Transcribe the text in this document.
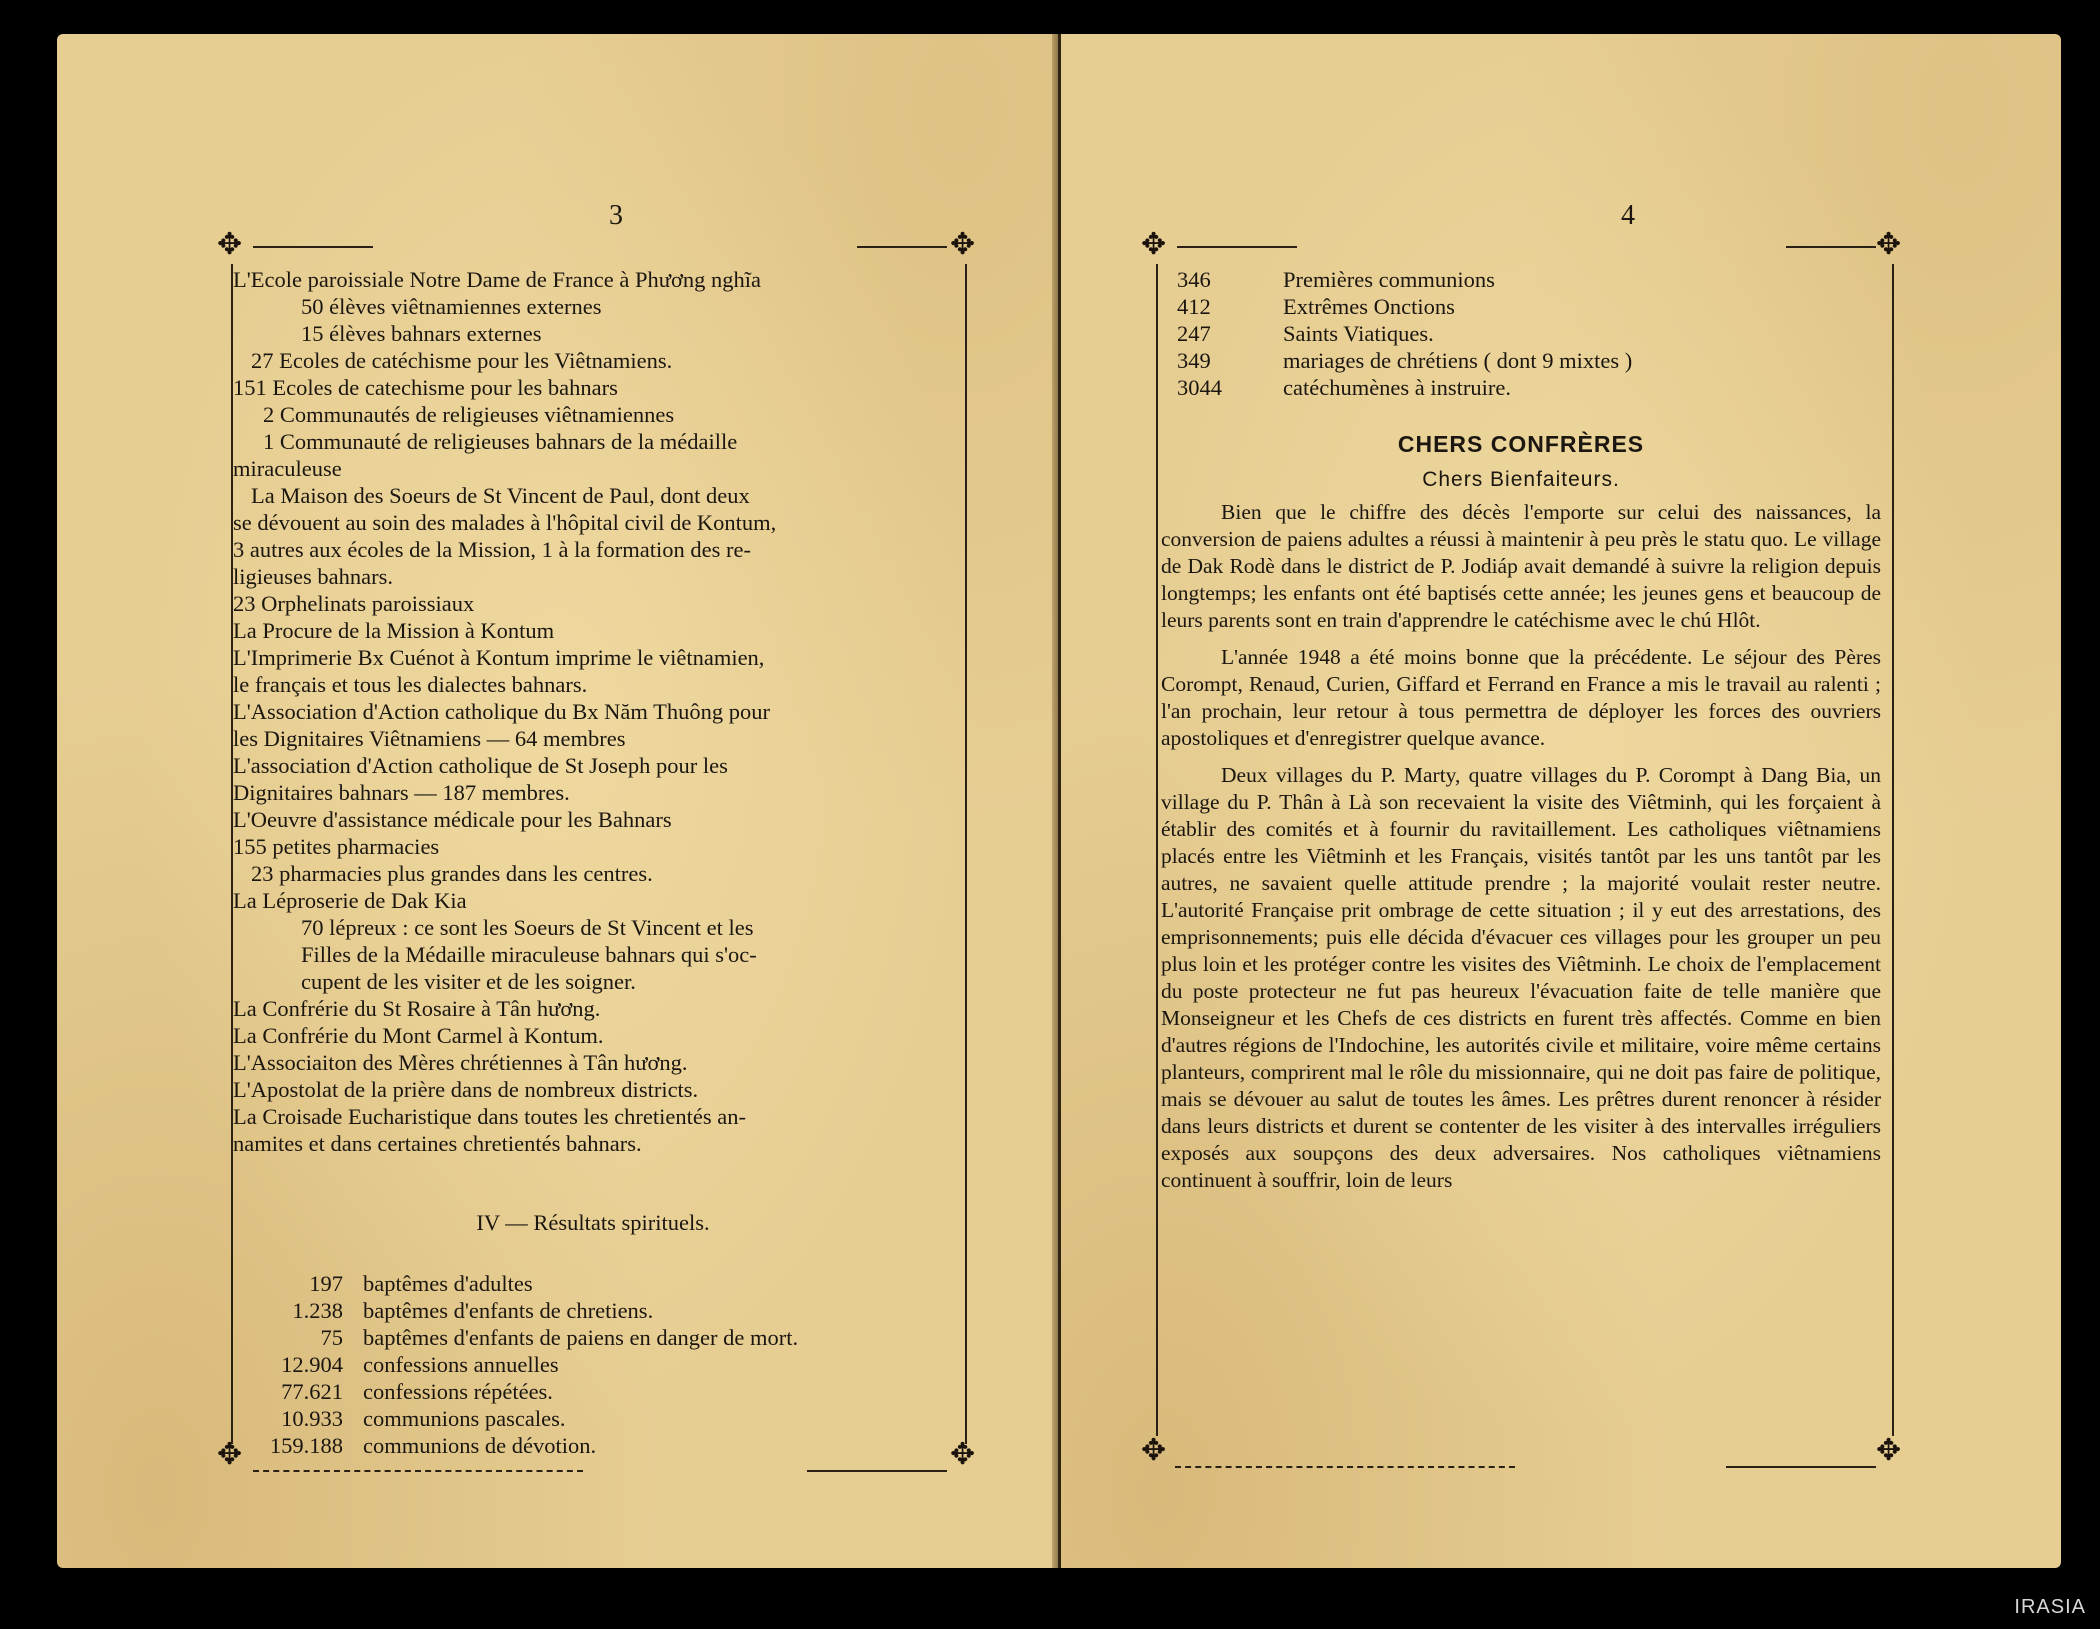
3
✥	✥
✥	✥
L'Ecole paroissiale Notre Dame de France à Phương nghĩa
50 élèves viêtnamiennes externes
15 élèves bahnars externes
27 Ecoles de catéchisme pour les Viêtnamiens.
151 Ecoles de catechisme pour les bahnars
2 Communautés de religieuses viêtnamiennes
1 Communauté de religieuses bahnars de la médaille
miraculeuse
La Maison des Soeurs de St Vincent de Paul, dont deux
se dévouent au soin des malades à l'hôpital civil de Kontum,
3 autres aux écoles de la Mission, 1 à la formation des re-
ligieuses bahnars.
23 Orphelinats paroissiaux
La Procure de la Mission à Kontum
L'Imprimerie Bx Cuénot à Kontum imprime le viêtnamien,
le français et tous les dialectes bahnars.
L'Association d'Action catholique du Bx Năm Thuông pour
les Dignitaires Viêtnamiens — 64 membres
L'association d'Action catholique de St Joseph pour les
Dignitaires bahnars — 187 membres.
L'Oeuvre d'assistance médicale pour les Bahnars
155 petites pharmacies
23 pharmacies plus grandes dans les centres.
La Léproserie de Dak Kia
70 lépreux : ce sont les Soeurs de St Vincent et les
Filles de la Médaille miraculeuse bahnars qui s'oc-
cupent de les visiter et de les soigner.
La Confrérie du St Rosaire à Tân hương.
La Confrérie du Mont Carmel à Kontum.
L'Associaiton des Mères chrétiennes à Tân hương.
L'Apostolat de la prière dans de nombreux districts.
La Croisade Eucharistique dans toutes les chretientés an-
namites et dans certaines chretientés bahnars.
IV — Résultats spirituels.
197 baptêmes d'adultes
1.238 baptêmes d'enfants de chretiens.
75 baptêmes d'enfants de paiens en danger de mort.
12.904 confessions annuelles
77.621 confessions répétées.
10.933 communions pascales.
159.188 communions de dévotion.
4
✥	✥
✥	✥
346	Premières communions
412	Extrêmes Onctions
247	Saints Viatiques.
349	mariages de chrétiens ( dont 9 mixtes )
3044	catéchumènes à instruire.
CHERS CONFRÈRES
Chers Bienfaiteurs.

Bien que le chiffre des décès l'emporte sur celui des naissances, la conversion de paiens adultes a réussi à maintenir à peu près le statu quo. Le village de Dak Rodè dans le district de P. Jodiáp avait demandé à suivre la religion depuis longtemps; les enfants ont été baptisés cette année; les jeunes gens et beaucoup de leurs parents sont en train d'apprendre le catéchisme avec le chú Hlôt.

L'année 1948 a été moins bonne que la précédente. Le séjour des Pères Corompt, Renaud, Curien, Giffard et Ferrand en France a mis le travail au ralenti ; l'an prochain, leur retour à tous permettra de déployer les forces des ouvriers apostoliques et d'enregistrer quelque avance.

Deux villages du P. Marty, quatre villages du P. Corompt à Dang Bia, un village du P. Thân à Là son recevaient la visite des Viêtminh, qui les forçaient à établir des comités et à fournir du ravitaillement. Les catholiques viêtnamiens placés entre les Viêtminh et les Français, visités tantôt par les uns tantôt par les autres, ne savaient quelle attitude prendre ; la majorité voulait rester neutre. L'autorité Française prit ombrage de cette situation ; il y eut des arrestations, des emprisonnements; puis elle décida d'évacuer ces villages pour les grouper un peu plus loin et les protéger contre les visites des Viêtminh. Le choix de l'emplacement du poste protecteur ne fut pas heureux l'évacuation faite de telle manière que Monseigneur et les Chefs de ces districts en furent très affectés. Comme en bien d'autres régions de l'Indochine, les autorités civile et militaire, voire même certains planteurs, comprirent mal le rôle du missionnaire, qui ne doit pas faire de politique, mais se dévouer au salut de toutes les âmes. Les prêtres durent renoncer à résider dans leurs districts et durent se contenter de les visiter à des intervalles irréguliers exposés aux soupçons des deux adversaires. Nos catholiques viêtnamiens continuent à souffrir, loin de leurs

IRASIA
